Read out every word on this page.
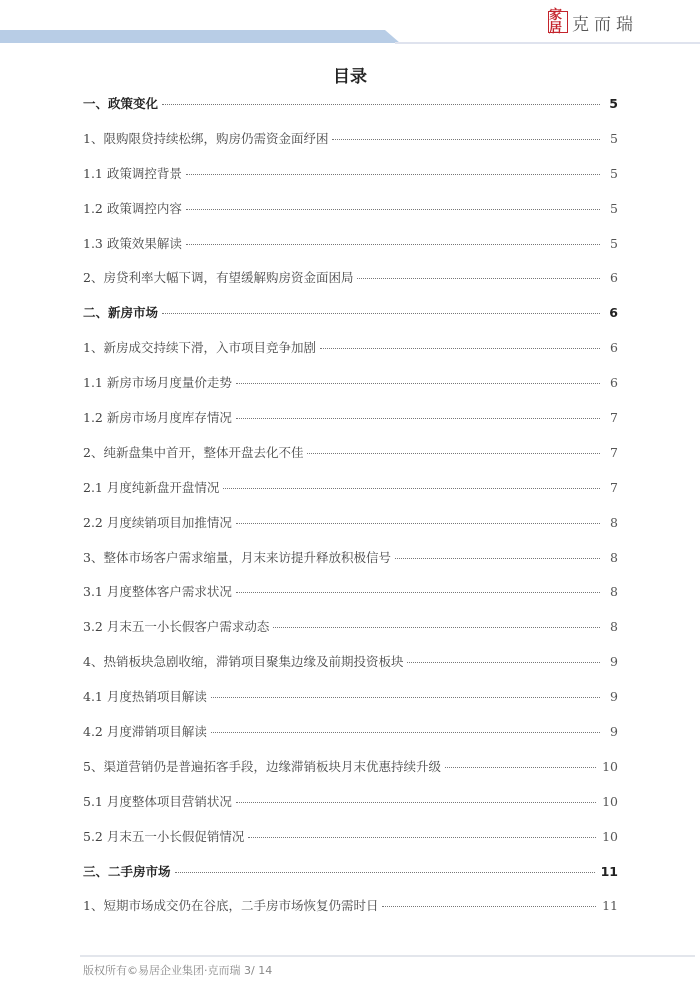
家居 克而瑞
目录
一、政策变化	5
1、限购限贷持续松绑，购房仍需资金面纾困	5
1.1 政策调控背景	5
1.2 政策调控内容	5
1.3 政策效果解读	5
2、房贷利率大幅下调，有望缓解购房资金面困局	6
二、新房市场	6
1、新房成交持续下滑，入市项目竞争加剧	6
1.1 新房市场月度量价走势	6
1.2 新房市场月度库存情况	7
2、纯新盘集中首开，整体开盘去化不佳	7
2.1 月度纯新盘开盘情况	7
2.2 月度续销项目加推情况	8
3、整体市场客户需求缩量，月末来访提升释放积极信号	8
3.1 月度整体客户需求状况	8
3.2 月末五一小长假客户需求动态	8
4、热销板块急剧收缩，滞销项目聚集边缘及前期投资板块	9
4.1 月度热销项目解读	9
4.2 月度滞销项目解读	9
5、渠道营销仍是普遍拓客手段，边缘滞销板块月末优惠持续升级	10
5.1 月度整体项目营销状况	10
5.2 月末五一小长假促销情况	10
三、二手房市场	11
1、短期市场成交仍在谷底，二手房市场恢复仍需时日	11
版权所有©易居企业集团·克而瑞 3/ 14
